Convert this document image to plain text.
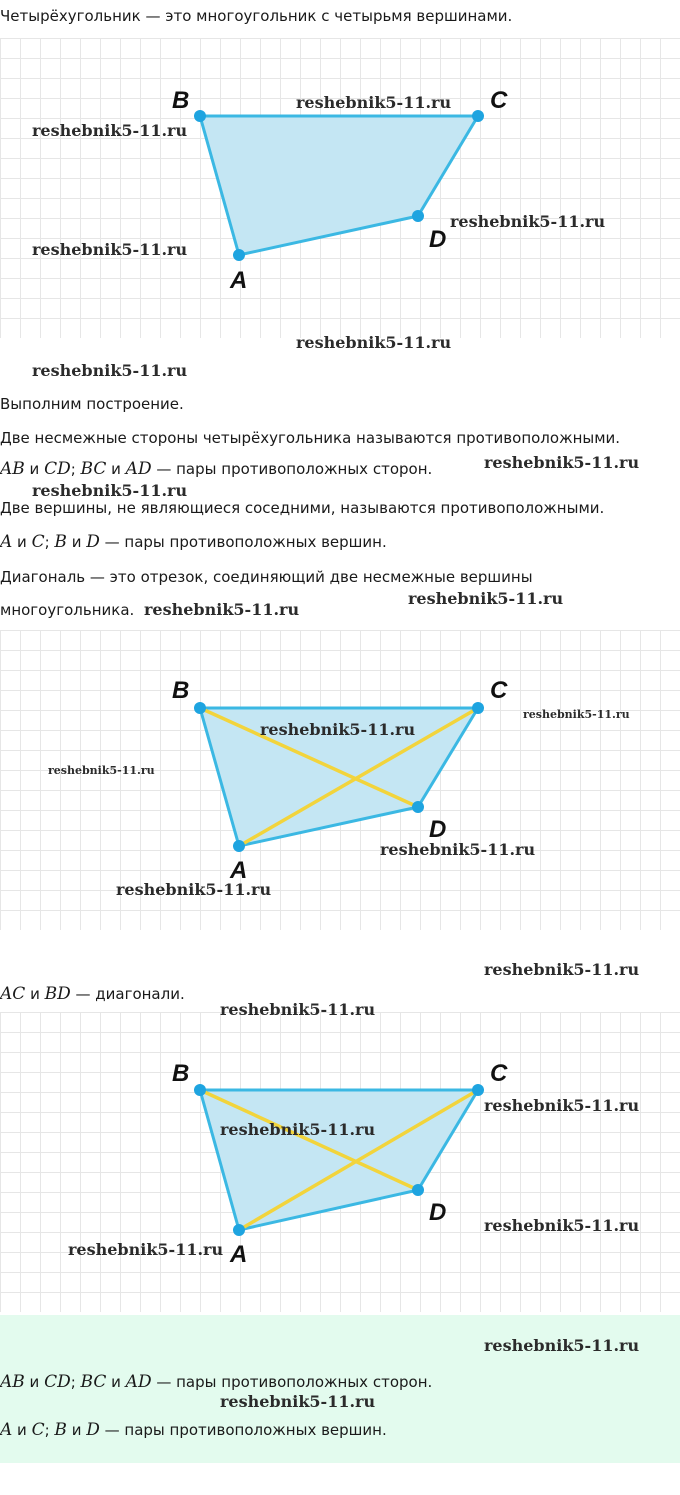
Четырёхугольник — это многоугольник с четырьмя вершинами.
B	C
D
A
Выполним построение.
Две несмежные стороны четырёхугольника называются противоположными.
AB и CD; BC и AD — пары противоположных сторон.
Две вершины, не являющиеся соседними, называются противоположными.
A и C; B и D — пары противоположных вершин.
Диагональ — это отрезок, соединяющий две несмежные вершины
многоугольника.
B	C
D
A
AC и BD — диагонали.
B	C
D
A
AB и CD; BC и AD — пары противоположных сторон.
A и C; B и D — пары противоположных вершин.
reshebnik5-11.ru
reshebnik5-11.ru
reshebnik5-11.ru
reshebnik5-11.ru
reshebnik5-11.ru
reshebnik5-11.ru
reshebnik5-11.ru
reshebnik5-11.ru
reshebnik5-11.ru
reshebnik5-11.ru
reshebnik5-11.ru
reshebnik5-11.ru
reshebnik5-11.ru
reshebnik5-11.ru
reshebnik5-11.ru
reshebnik5-11.ru
reshebnik5-11.ru
reshebnik5-11.ru
reshebnik5-11.ru
reshebnik5-11.ru
reshebnik5-11.ru
reshebnik5-11.ru
reshebnik5-11.ru
